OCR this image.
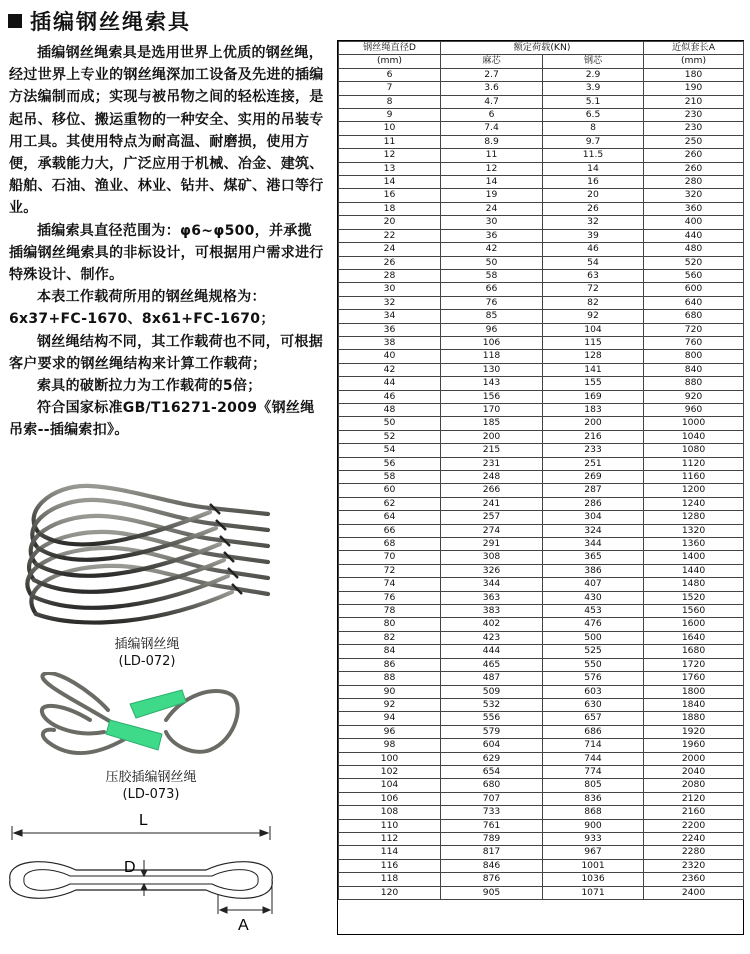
插编钢丝绳索具

插编钢丝绳索具是选用世界上优质的钢丝绳，经过世界上专业的钢丝绳深加工设备及先进的插编方法编制而成；实现与被吊物之间的轻松连接，是起吊、移位、搬运重物的一种安全、实用的吊装专用工具。其使用特点为耐高温、耐磨损，使用方便，承载能力大，广泛应用于机械、冶金、建筑、船舶、石油、渔业、林业、钻井、煤矿、港口等行业。

插编索具直径范围为：φ6~φ500，并承揽插编钢丝绳索具的非标设计，可根据用户需求进行特殊设计、制作。

本表工作载荷所用的钢丝绳规格为：

6x37+FC-1670、8x61+FC-1670；

钢丝绳结构不同，其工作载荷也不同，可根据客户要求的钢丝绳结构来计算工作载荷；

索具的破断拉力为工作载荷的5倍；

符合国家标准GB/T16271-2009《钢丝绳吊索--插编索扣》。

插编钢丝绳
(LD-072)
压胶插编钢丝绳
(LD-073)
L
D
A
钢丝绳直径D	额定荷载(KN)		近似套长A
(mm)	麻芯	钢芯	(mm)
6	2.7	2.9	180
7	3.6	3.9	190
8	4.7	5.1	210
9	6	6.5	230
10	7.4	8	230
11	8.9	9.7	250
12	11	11.5	260
13	12	14	260
14	14	16	280
16	19	20	320
18	24	26	360
20	30	32	400
22	36	39	440
24	42	46	480
26	50	54	520
28	58	63	560
30	66	72	600
32	76	82	640
34	85	92	680
36	96	104	720
38	106	115	760
40	118	128	800
42	130	141	840
44	143	155	880
46	156	169	920
48	170	183	960
50	185	200	1000
52	200	216	1040
54	215	233	1080
56	231	251	1120
58	248	269	1160
60	266	287	1200
62	241	286	1240
64	257	304	1280
66	274	324	1320
68	291	344	1360
70	308	365	1400
72	326	386	1440
74	344	407	1480
76	363	430	1520
78	383	453	1560
80	402	476	1600
82	423	500	1640
84	444	525	1680
86	465	550	1720
88	487	576	1760
90	509	603	1800
92	532	630	1840
94	556	657	1880
96	579	686	1920
98	604	714	1960
100	629	744	2000
102	654	774	2040
104	680	805	2080
106	707	836	2120
108	733	868	2160
110	761	900	2200
112	789	933	2240
114	817	967	2280
116	846	1001	2320
118	876	1036	2360
120	905	1071	2400
